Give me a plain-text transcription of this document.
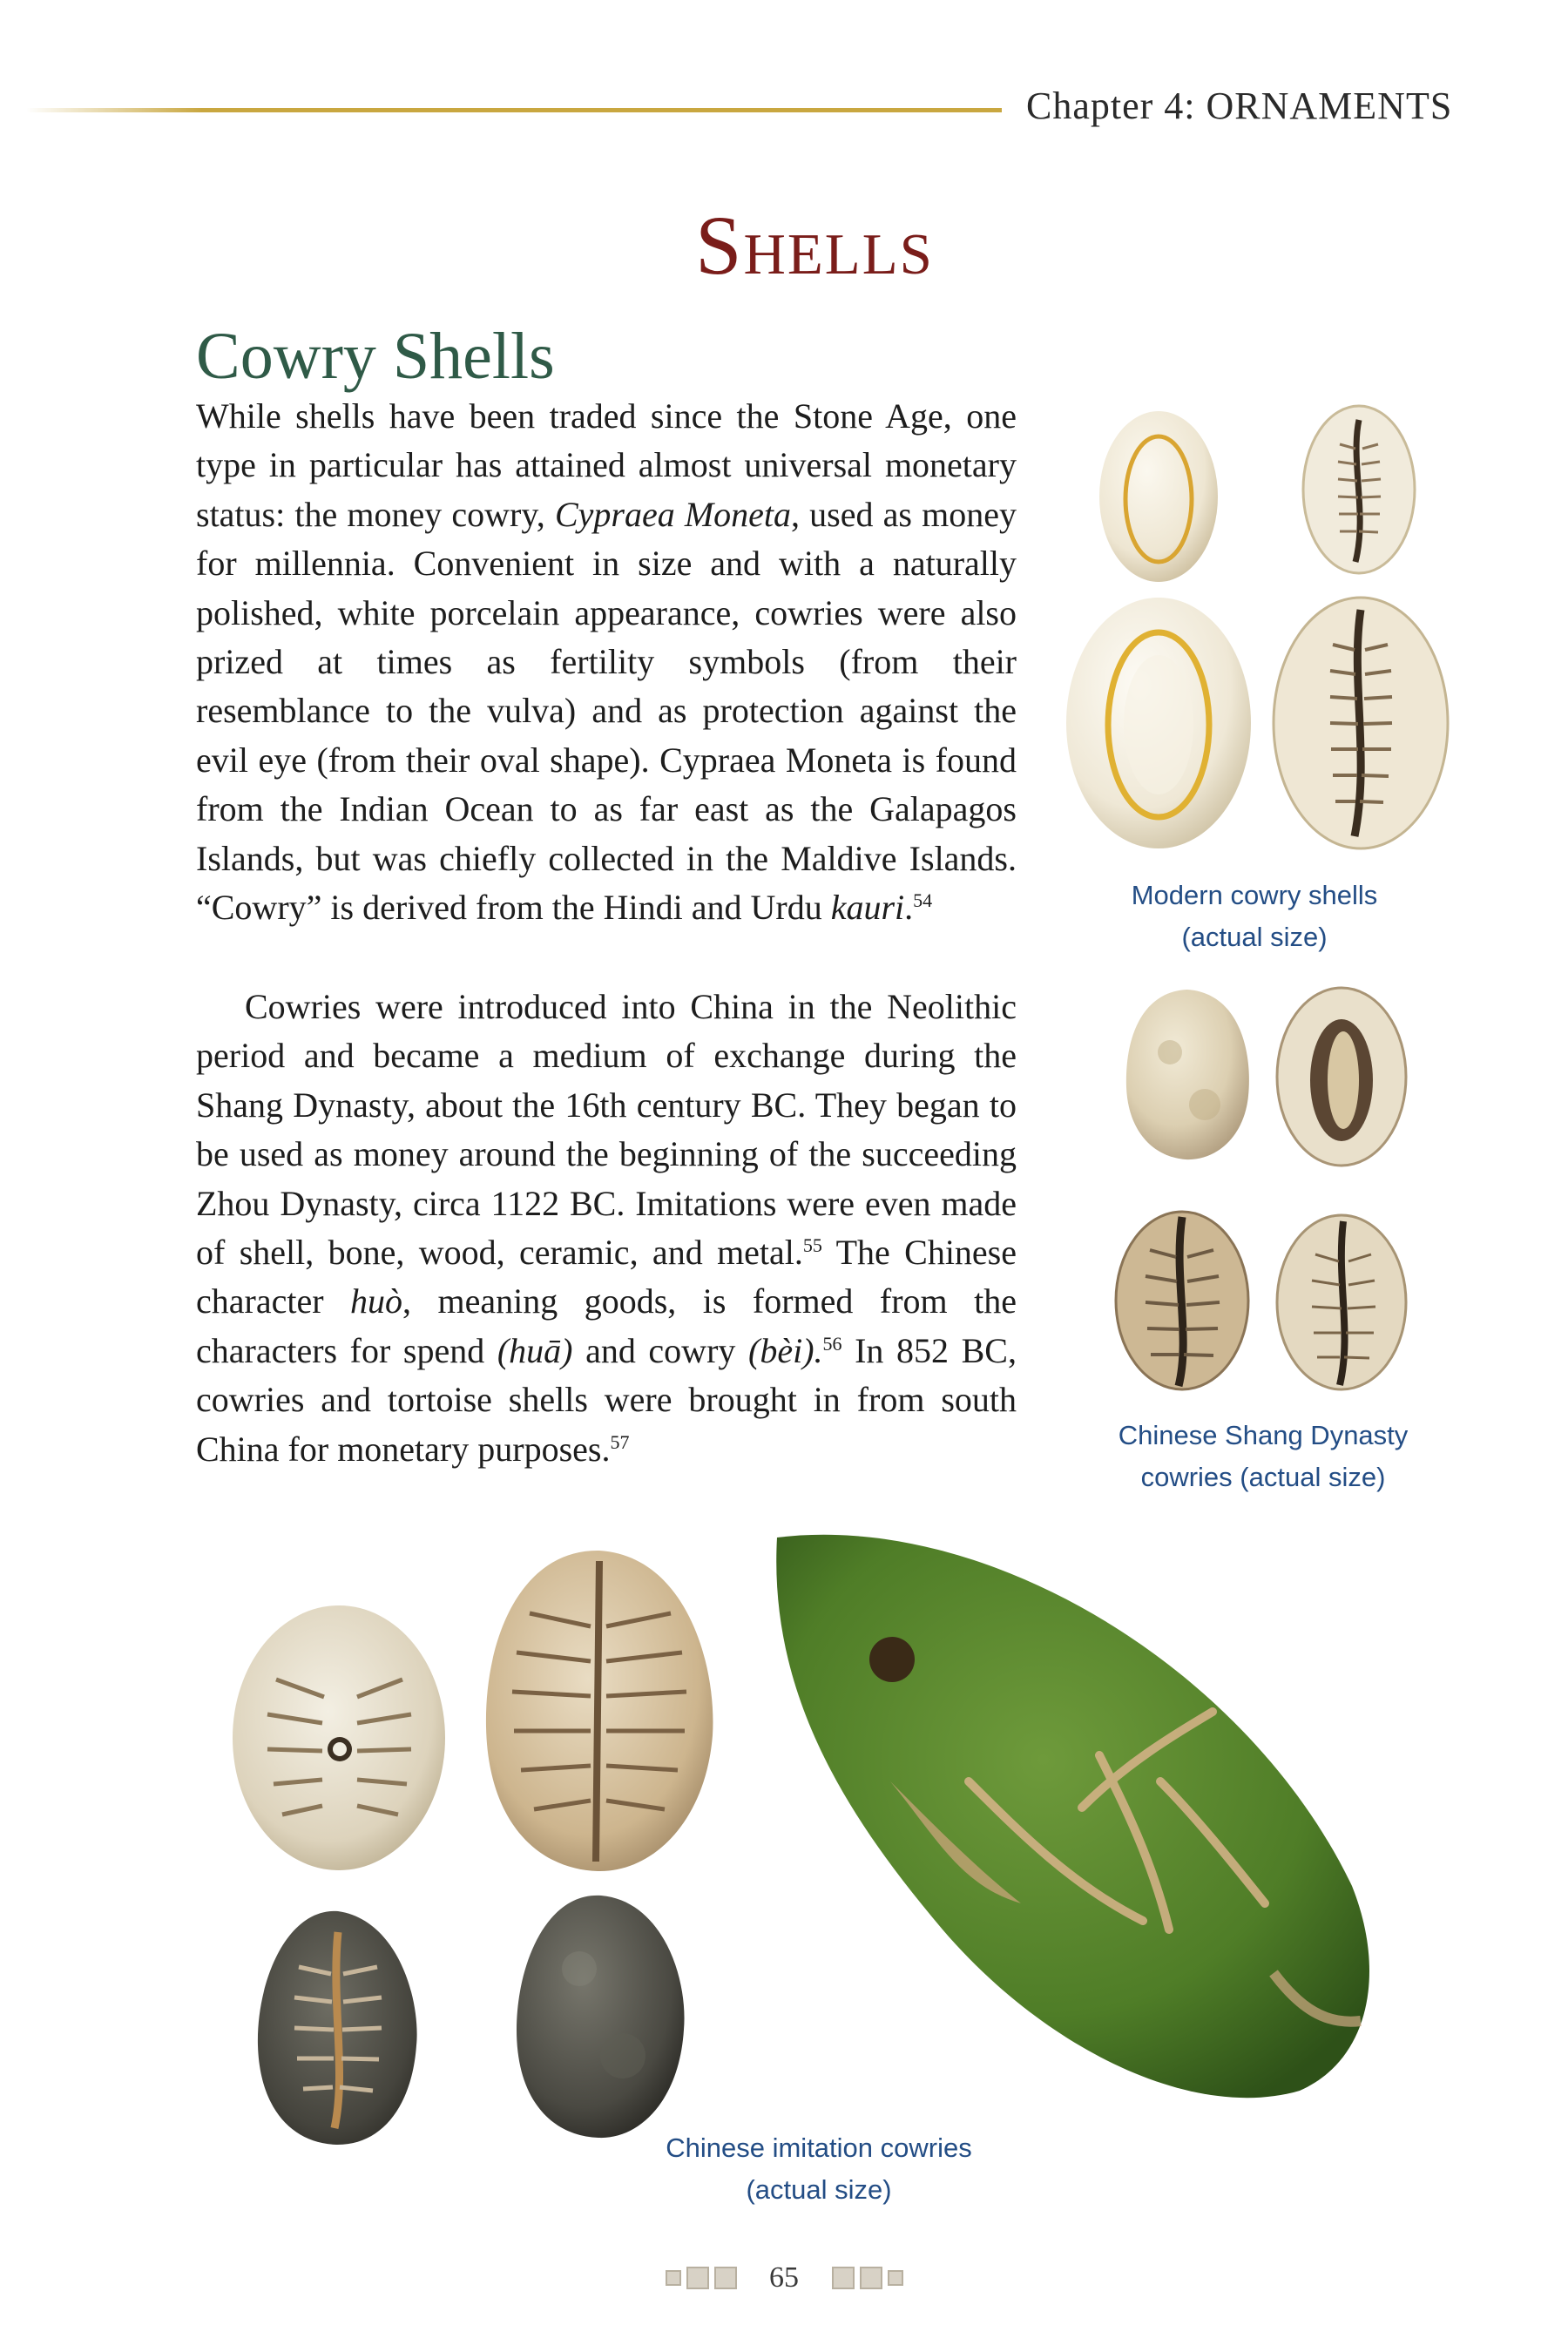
Chapter 4: ORNAMENTS
Shells
Cowry Shells

While shells have been traded since the Stone Age, one type in particular has attained almost universal monetary status: the money cowry, Cypraea Moneta, used as money for millennia. Convenient in size and with a naturally polished, white porcelain appearance, cowries were also prized at times as fertility symbols (from their resemblance to the vulva) and as protection against the evil eye (from their oval shape). Cypraea Moneta is found from the Indian Ocean to as far east as the Galapagos Islands, but was chiefly collected in the Maldive Islands. “Cowry” is derived from the Hindi and Urdu kauri.$^{54}$

Cowries were introduced into China in the Neolithic period and became a medium of exchange during the Shang Dynasty, about the 16th century BC. They began to be used as money around the beginning of the succeeding Zhou Dynasty, circa 1122 BC. Imitations were even made of shell, bone, wood, ceramic, and metal.$^{55}$ The Chinese character huò, meaning goods, is formed from the characters for spend (huā) and cowry (bèi).$^{56}$ In 852 BC, cowries and tortoise shells were brought in from south China for monetary purposes.$^{57}$

Modern cowry shells (actual size)
Chinese Shang Dynasty cowries (actual size)
Chinese imitation cowries (actual size)
65
